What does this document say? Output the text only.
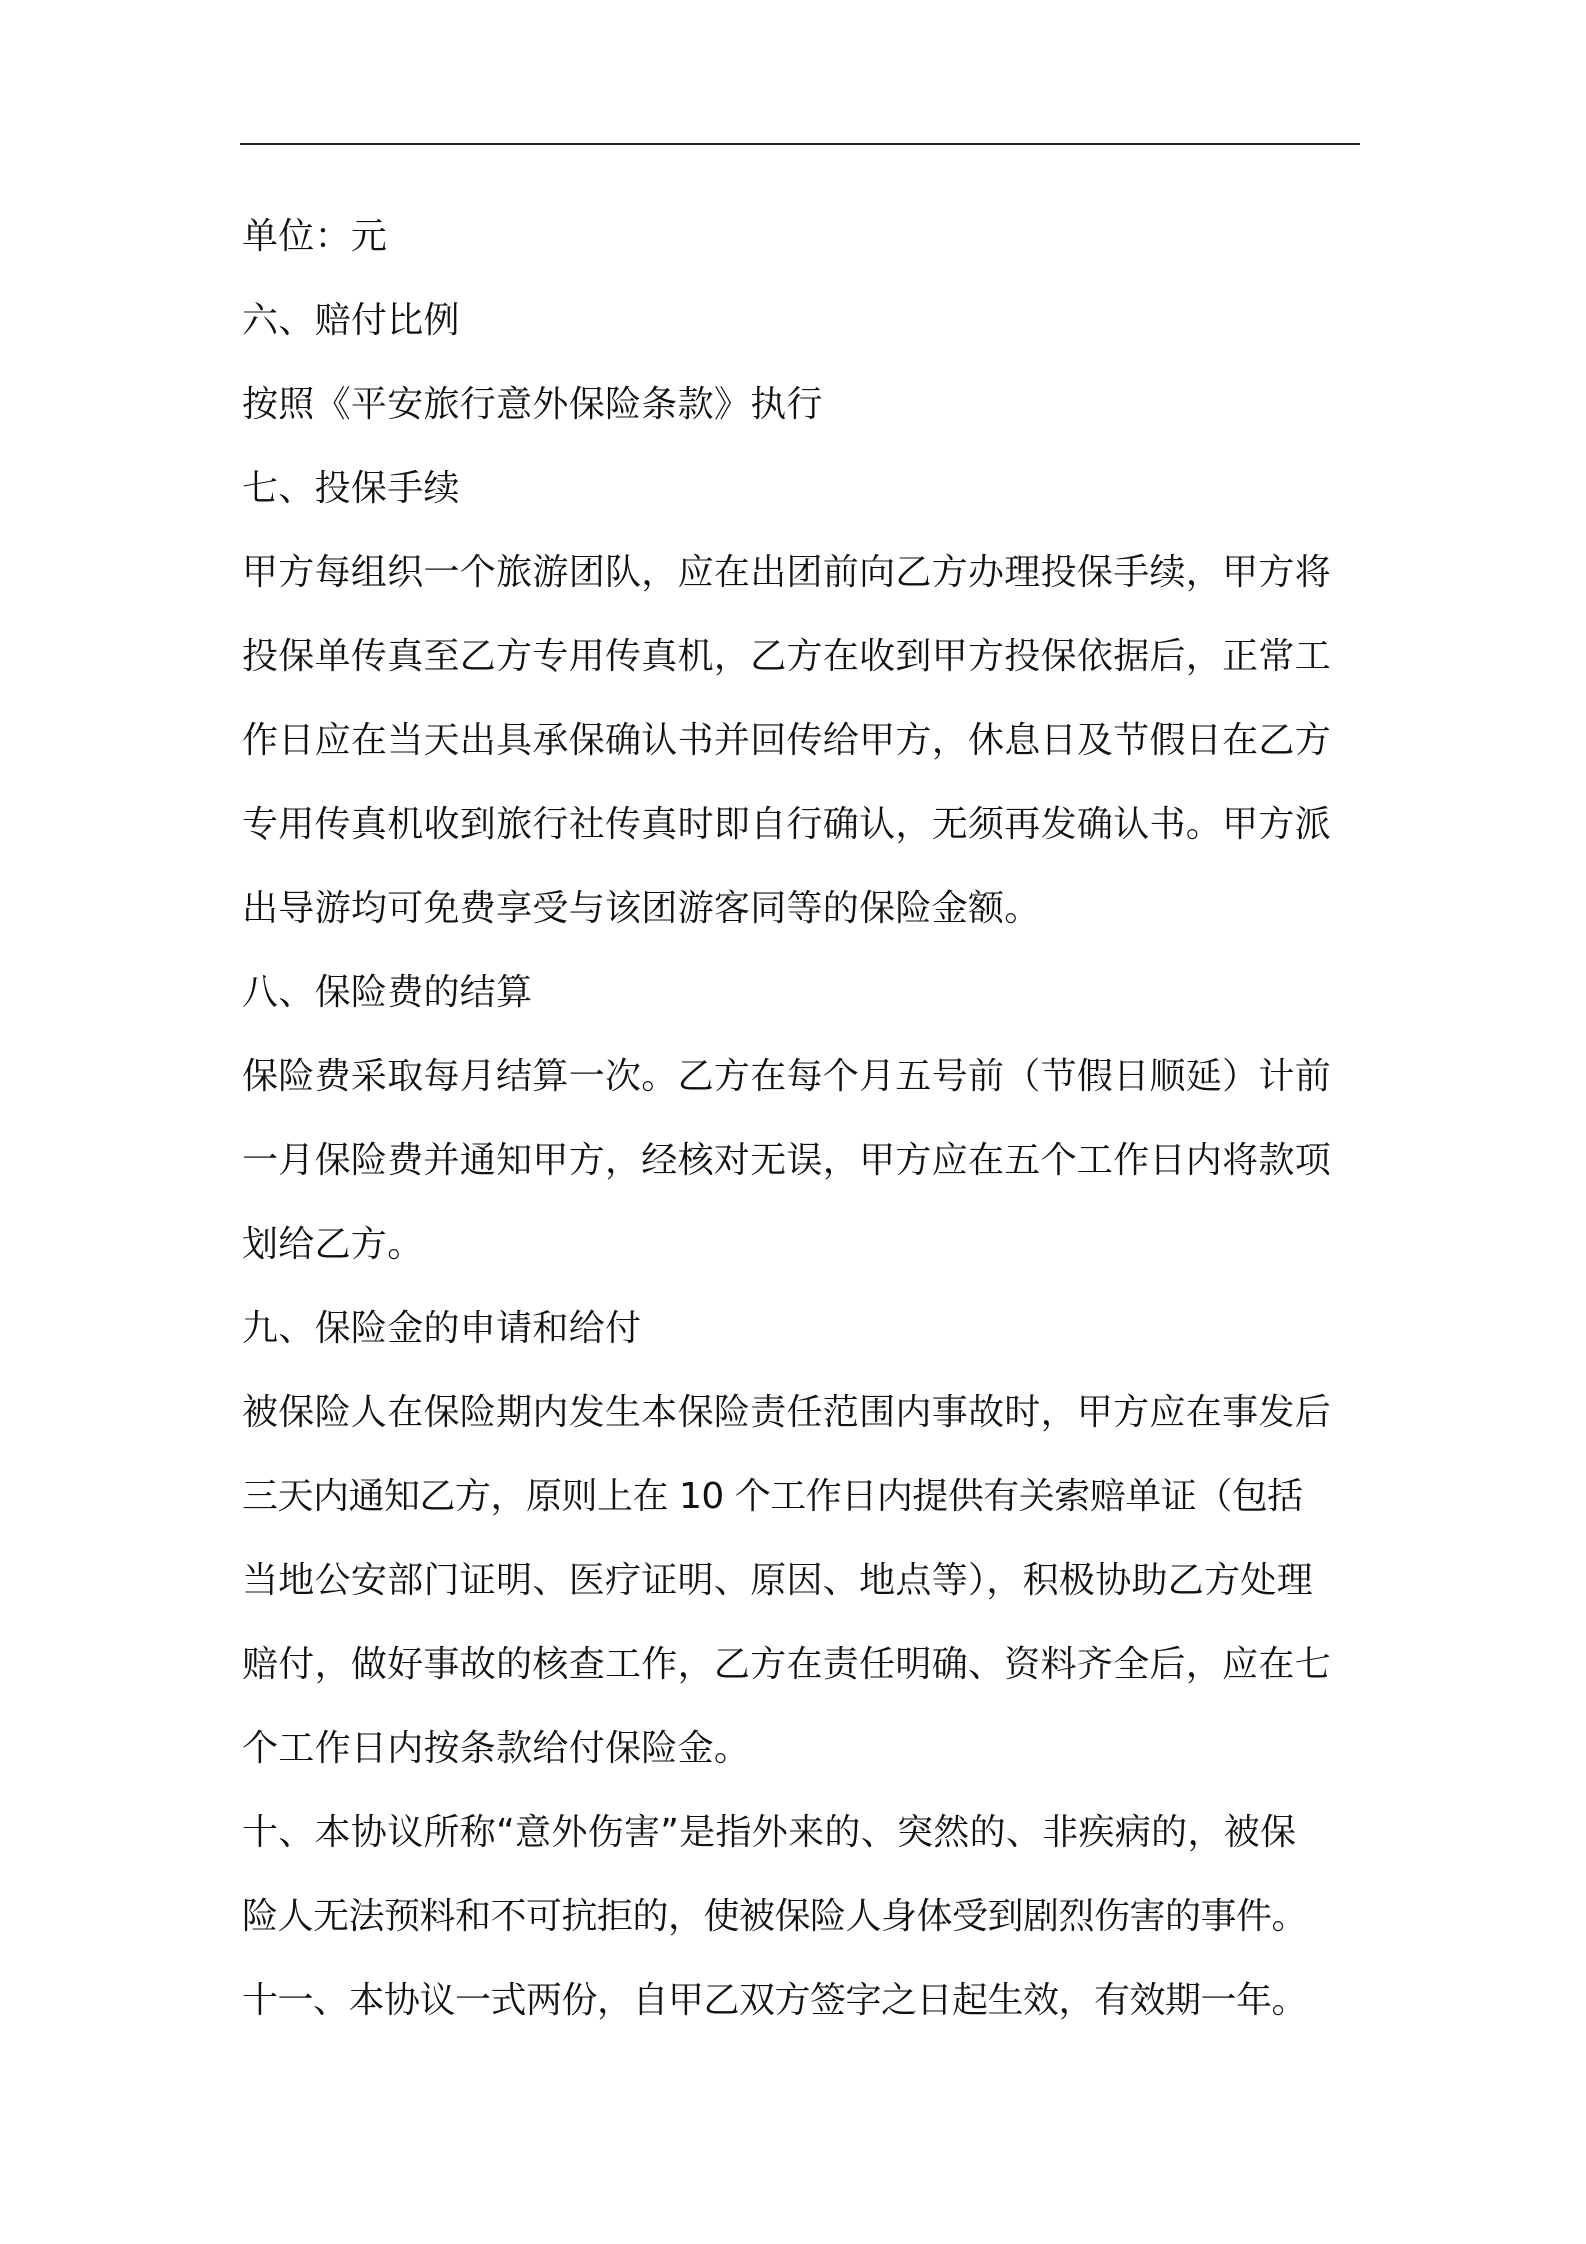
单位：元
六、赔付比例
按照《平安旅行意外保险条款》执行
七、投保手续
甲方每组织一个旅游团队，应在出团前向乙方办理投保手续，甲方将
投保单传真至乙方专用传真机，乙方在收到甲方投保依据后，正常工
作日应在当天出具承保确认书并回传给甲方，休息日及节假日在乙方
专用传真机收到旅行社传真时即自行确认，无须再发确认书。甲方派
出导游均可免费享受与该团游客同等的保险金额。
八、保险费的结算
保险费采取每月结算一次。乙方在每个月五号前（节假日顺延）计前
一月保险费并通知甲方，经核对无误，甲方应在五个工作日内将款项
划给乙方。
九、保险金的申请和给付
被保险人在保险期内发生本保险责任范围内事故时，甲方应在事发后
三天内通知乙方，原则上在 10 个工作日内提供有关索赔单证（包括
当地公安部门证明、医疗证明、原因、地点等），积极协助乙方处理
赔付，做好事故的核查工作，乙方在责任明确、资料齐全后，应在七
个工作日内按条款给付保险金。
十、本协议所称“意外伤害”是指外来的、突然的、非疾病的，被保
险人无法预料和不可抗拒的，使被保险人身体受到剧烈伤害的事件。
十一、本协议一式两份，自甲乙双方签字之日起生效，有效期一年。
